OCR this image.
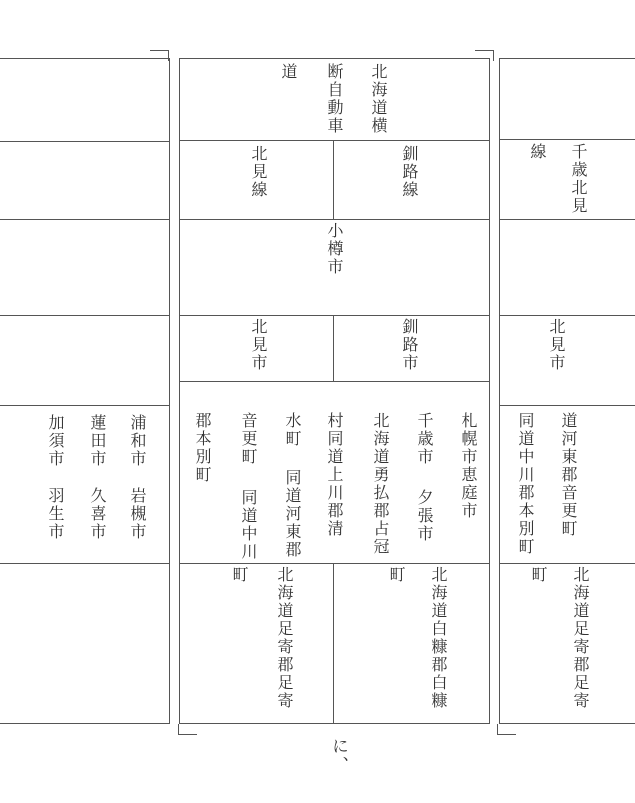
浦和市
岩槻市
蓮田市
久喜市
加須市
羽生市
北海道横
断自動車
道
釧路線
北見線
小樽市
釧路市
北見市
札幌市恵庭市
千歳市
夕張市
北海道勇払郡占冠
村同道上川郡清
水町
同道河東郡
音更町
同道中川
郡本別町
北海道白糠郡白糠
町
北海道足寄郡足寄
町
千歳北見
線
北見市
道河東郡音更町
同道中川郡本別町
北海道足寄郡足寄
町
に、
